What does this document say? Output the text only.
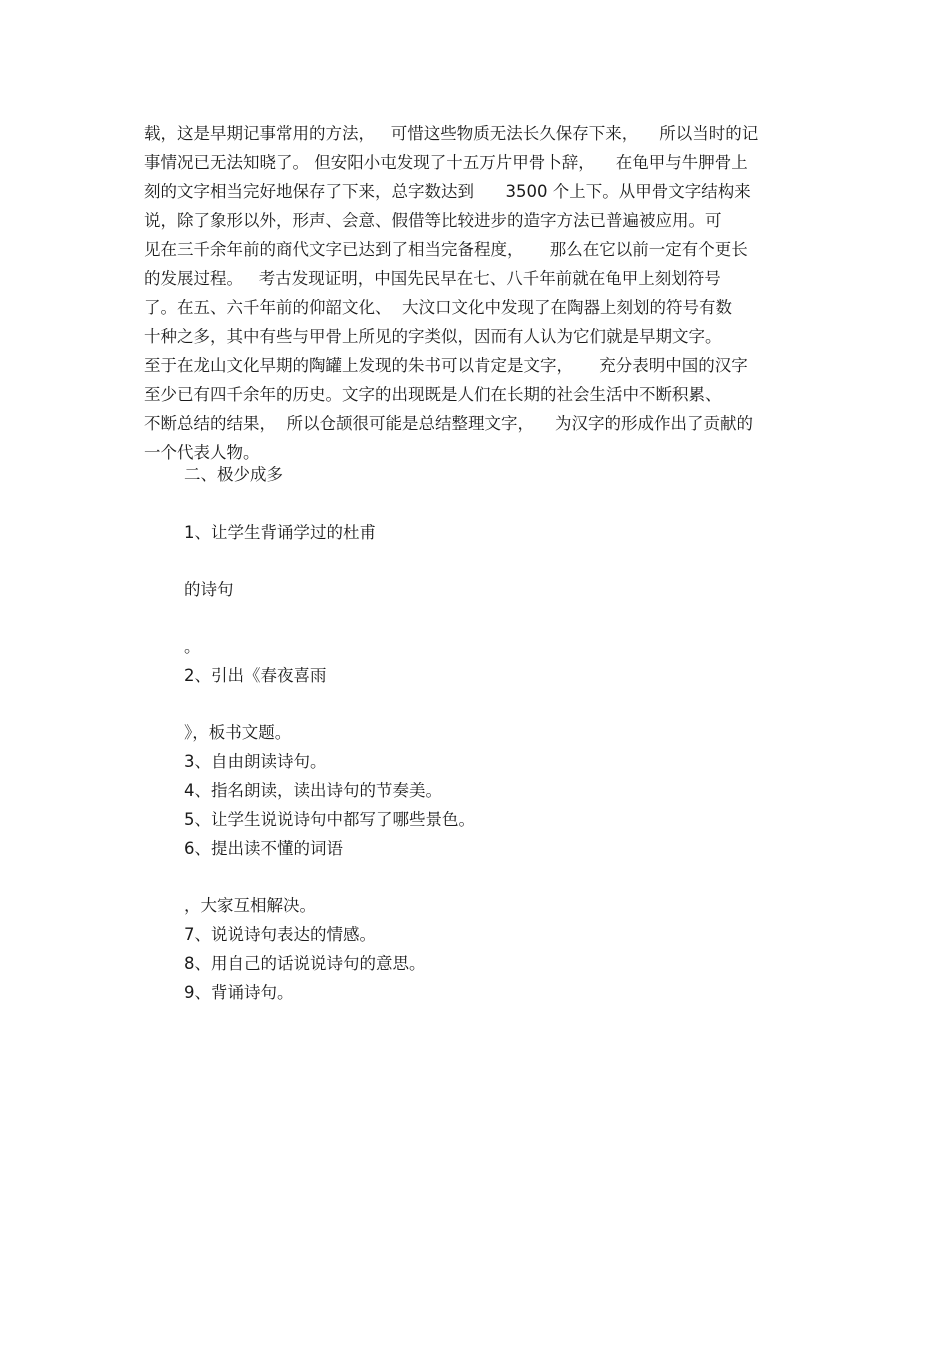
载，这是早期记事常用的方法，   可惜这些物质无法长久保存下来，    所以当时的记
事情况已无法知晓了。 但安阳小屯发现了十五万片甲骨卜辞，    在龟甲与牛胛骨上
刻的文字相当完好地保存了下来，总字数达到      3500 个上下。从甲骨文字结构来
说，除了象形以外，形声、会意、假借等比较进步的造字方法已普遍被应用。可
见在三千余年前的商代文字已达到了相当完备程度，     那么在它以前一定有个更长
的发展过程。   考古发现证明，中国先民早在七、八千年前就在龟甲上刻划符号
了。在五、六千年前的仰韶文化、  大汶口文化中发现了在陶器上刻划的符号有数
十种之多，其中有些与甲骨上所见的字类似，因而有人认为它们就是早期文字。
至于在龙山文化早期的陶罐上发现的朱书可以肯定是文字，     充分表明中国的汉字
至少已有四千余年的历史。文字的出现既是人们在长期的社会生活中不断积累、
不断总结的结果，  所以仓颉很可能是总结整理文字，    为汉字的形成作出了贡献的
一个代表人物。
二、极少成多
1、让学生背诵学过的杜甫
的诗句
。
2、引出《春夜喜雨
》，板书文题。
3、自由朗读诗句。
4、指名朗读，读出诗句的节奏美。
5、让学生说说诗句中都写了哪些景色。
6、提出读不懂的词语
，大家互相解决。
7、说说诗句表达的情感。
8、用自己的话说说诗句的意思。
9、背诵诗句。
